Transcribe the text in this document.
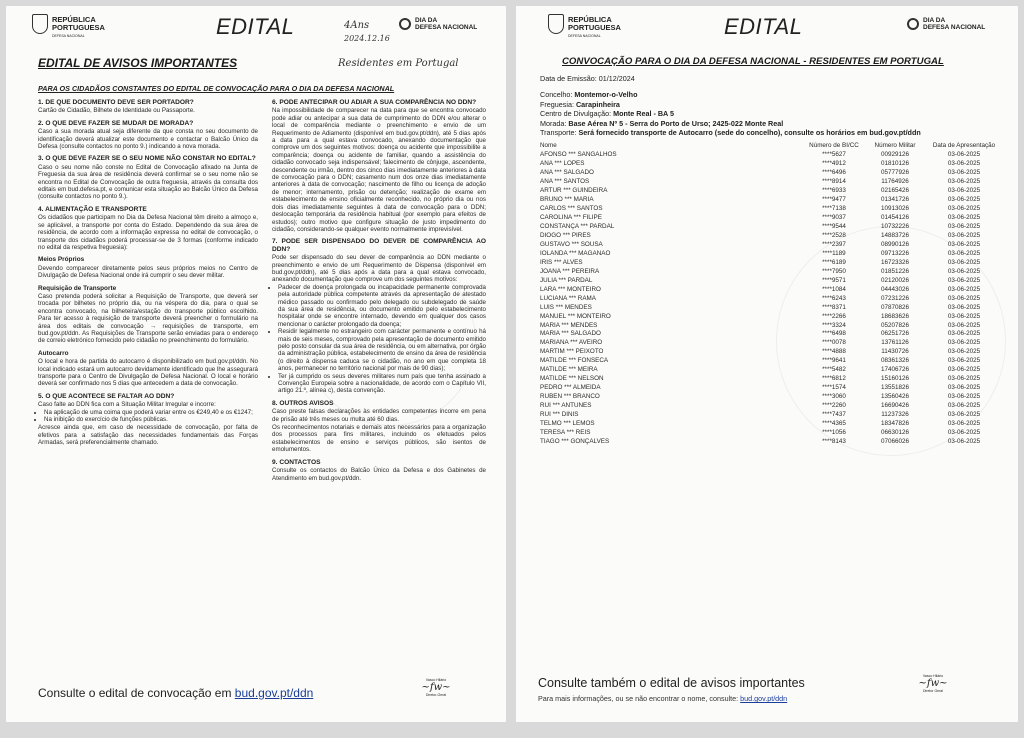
REPÚBLICA
PORTUGUESA
DEFESA NACIONAL	EDITAL	4Ans
2024.12.16
DIA DA
DEFESA NACIONAL
EDITAL DE AVISOS IMPORTANTES	Residentes em Portugal
PARA OS CIDADÃOS CONSTANTES DO EDITAL DE CONVOCAÇÃO PARA O DIA DA DEFESA NACIONAL
1. DE QUE DOCUMENTO DEVE SER PORTADOR?

Cartão de Cidadão, Bilhete de Identidade ou Passaporte.

2. O QUE DEVE FAZER SE MUDAR DE MORADA?

Caso a sua morada atual seja diferente da que consta no seu documento de identificação deverá atualizar este documento e contactar o Balcão Único da Defesa (consulte contactos no ponto 9.) indicando a nova morada.

3. O QUE DEVE FAZER SE O SEU NOME NÃO CONSTAR NO EDITAL?

Caso o seu nome não conste no Edital de Convocação afixado na Junta de Freguesia da sua área de residência deverá confirmar se o seu nome não se encontra no Edital de Convocação de outra freguesia, através da consulta dos editais em bud.defesa.pt, e comunicar esta situação ao Balcão Único da Defesa (consulte contactos no ponto 9.).

4. ALIMENTAÇÃO E TRANSPORTE

Os cidadãos que participam no Dia da Defesa Nacional têm direito a almoço e, se aplicável, a transporte por conta do Estado. Dependendo da sua área de residência, de acordo com a informação expressa no edital de convocação, o transporte dos cidadãos poderá processar-se de 3 formas (conforme indicado no edital da respetiva freguesia):

Meios Próprios

Devendo comparecer diretamente pelos seus próprios meios no Centro de Divulgação de Defesa Nacional onde irá cumprir o seu dever militar.

Requisição de Transporte

Caso pretenda poderá solicitar a Requisição de Transporte, que deverá ser trocada por bilhetes no próprio dia, ou na véspera do dia, para o qual se encontra convocado, na bilheteira/estação do transporte público escolhido. Para ter acesso à requisição de transporte deverá preencher o formulário na área dos editais de convocação → requisições de transporte, em bud.gov.pt/ddn. As Requisições de Transporte serão enviadas para o endereço de correio eletrónico fornecido pelo cidadão no preenchimento do formulário.

Autocarro

O local e hora de partida do autocarro é disponibilizado em bud.gov.pt/ddn. No local indicado estará um autocarro devidamente identificado que lhe assegurará transporte para o Centro de Divulgação de Defesa Nacional. O local e horário deverá ser confirmado nos 5 dias que antecedem a data de convocação.

5. O QUE ACONTECE SE FALTAR AO DDN?

Caso falte ao DDN fica com a Situação Militar Irregular e incorre:

• Na aplicação de uma coima que poderá variar entre os €249,40 e os €1247;
• Na inibição do exercício de funções públicas.

Acresce ainda que, em caso de necessidade de convocação, por falta de efetivos para a satisfação das necessidades fundamentais das Forças Armadas, será preferencialmente chamado.

6. PODE ANTECIPAR OU ADIAR A SUA COMPARÊNCIA NO DDN?

Na impossibilidade de comparecer na data para que se encontra convocado pode adiar ou antecipar a sua data de cumprimento do DDN e/ou alterar o local de comparência mediante o preenchimento e envio de um Requerimento de Adiamento (disponível em bud.gov.pt/ddn), até 5 dias após a data para a qual estava convocado, anexando documentação que comprove um dos seguintes motivos: doença ou acidente que impossibilite a comparência; doença ou acidente de familiar, quando a assistência do cidadão convocado seja indispensável; falecimento de cônjuge, ascendente, descendente ou irmão, dentro dos cinco dias imediatamente anteriores à data de convocação para o DDN; casamento num dos onze dias imediatamente anteriores à data de convocação; nascimento de filho ou licença de adoção de menor; internamento, prisão ou detenção; realização de exame em estabelecimento de ensino oficialmente reconhecido, no próprio dia ou nos dois dias imediatamente seguintes à data de convocação para o DDN; deslocação temporária da residência habitual (por exemplo para efeitos de estudos); outro motivo que configure situação de justo impedimento do cidadão, considerando-se qualquer evento normalmente imprevisível.

7. PODE SER DISPENSADO DO DEVER DE COMPARÊNCIA AO DDN?

Pode ser dispensado do seu dever de comparência ao DDN mediante o preenchimento e envio de um Requerimento de Dispensa (disponível em bud.gov.pt/ddn), até 5 dias após a data para a qual estava convocado, anexando documentação que comprove um dos seguintes motivos:

• Padecer de doença prolongada ou incapacidade permanente comprovada pela autoridade pública competente através da apresentação de atestado médico passado ou confirmado pelo delegado ou subdelegado de saúde da sua área de residência, ou documento emitido pelo estabelecimento hospitalar onde se encontre internado, devendo em qualquer dos casos mencionar o carácter prolongado da doença;
• Residir legalmente no estrangeiro com carácter permanente e contínuo há mais de seis meses, comprovado pela apresentação de documento emitido pelo posto consular da sua área de residência, ou em alternativa, por órgão da administração pública, estabelecimento de ensino da área de residência (o direito à dispensa caduca se o cidadão, no ano em que completa 18 anos, permanecer no território nacional por mais de 90 dias);
• Ter já cumprido os seus deveres militares num país que tenha assinado a Convenção Europeia sobre a nacionalidade, de acordo com o Capítulo VII, artigo 21.º, alínea c), desta convenção.
8. OUTROS AVISOS

Caso preste falsas declarações às entidades competentes incorre em pena de prisão até três meses ou multa até 60 dias.

Os reconhecimentos notariais e demais atos necessários para a organização dos processos para fins militares, incluindo os efetuados pelos estabelecimentos de ensino e serviços públicos, são isentos de emolumentos.

9. CONTACTOS

Consulte os contactos do Balcão Único da Defesa e dos Gabinetes de Atendimento em bud.gov.pt/ddn.

Consulte o edital de convocação em bud.gov.pt/ddn
Vasco Hilário
~fw~
Diretor-Geral
REPÚBLICA
PORTUGUESA
DEFESA NACIONAL	EDITAL	DIA DA
DEFESA NACIONAL
CONVOCAÇÃO PARA O DIA DA DEFESA NACIONAL - RESIDENTES EM PORTUGAL
Data de Emissão: 01/12/2024
Concelho: Montemor-o-Velho
Freguesia: Carapinheira
Centro de Divulgação: Monte Real - BA 5
Morada: Base Aérea Nº 5 - Serra do Porto de Urso; 2425-022 Monte Real
Transporte: Será fornecido transporte de Autocarro (sede do concelho), consulte os horários em bud.gov.pt/ddn
Nome	Número de BI/CC	Número Militar	Data de Apresentação
AFONSO *** SANGALHOS	****5627	00929126	03-06-2025
ANA *** LOPES	****4912	01810126	03-06-2025
ANA *** SALGADO	****6496	05777926	03-06-2025
ANA *** SANTOS	****8914	11764926	03-06-2025
ARTUR *** GUINDEIRA	****6933	02165426	03-06-2025
BRUNO *** MARIA	****9477	01341726	03-06-2025
CARLOS *** SANTOS	****7138	10913026	03-06-2025
CAROLINA *** FILIPE	****9037	01454126	03-06-2025
CONSTANÇA *** PARDAL	****9544	10732226	03-06-2025
DIOGO *** PIRES	****2528	14883726	03-06-2025
GUSTAVO *** SOUSA	****2397	08990126	03-06-2025
IOLANDA *** MAGANAO	****1189	09713226	03-06-2025
IRIS *** ALVES	****6189	16723326	03-06-2025
JOANA *** PEREIRA	****7950	01851226	03-06-2025
JULIA *** PARDAL	****9571	02120026	03-06-2025
LARA *** MONTEIRO	****1084	04443026	03-06-2025
LUCIANA *** RAMA	****6243	07231226	03-06-2025
LUIS *** MENDES	****8371	07870826	03-06-2025
MANUEL *** MONTEIRO	****2266	18683626	03-06-2025
MARIA *** MENDES	****3324	05207826	03-06-2025
MARIA *** SALGADO	****6498	06251726	03-06-2025
MARIANA *** AVEIRO	****0078	13761126	03-06-2025
MARTIM *** PEIXOTO	****4888	11430726	03-06-2025
MATILDE *** FONSECA	****9641	08361326	03-06-2025
MATILDE *** MEIRA	****5482	17406726	03-06-2025
MATILDE *** NELSON	****6812	15160126	03-06-2025
PEDRO *** ALMEIDA	****1574	13551826	03-06-2025
RUBEN *** BRANCO	****3060	13560426	03-06-2025
RUI *** ANTUNES	****2260	16690426	03-06-2025
RUI *** DINIS	****7437	11237326	03-06-2025
TELMO *** LEMOS	****4365	18347826	03-06-2025
TERESA *** REIS	****1056	06630126	03-06-2025
TIAGO *** GONÇALVES	****8143	07066026	03-06-2025
Consulte também o edital de avisos importantes
Para mais informações, ou se não encontrar o nome, consulte: bud.gov.pt/ddn
Vasco Hilário
~fw~
Diretor Geral
